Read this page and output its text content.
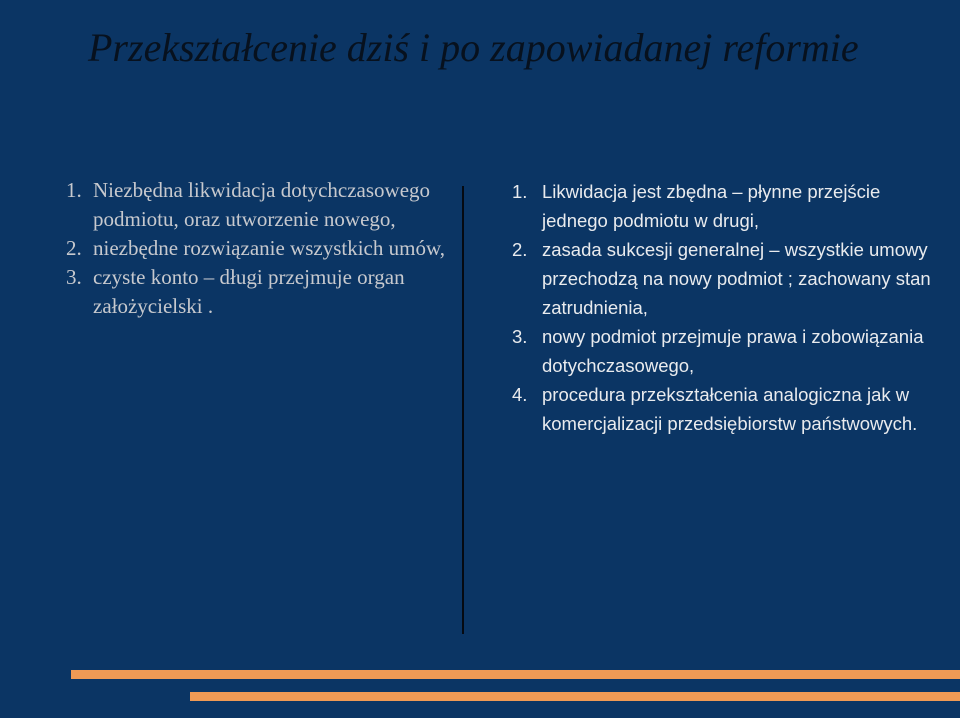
Przekształcenie dziś i po zapowiadanej reformie
1. Niezbędna likwidacja dotychczasowego podmiotu, oraz utworzenie nowego,
2. niezbędne rozwiązanie wszystkich umów,
3. czyste konto – długi przejmuje organ założycielski .
1. Likwidacja jest zbędna – płynne przejście jednego podmiotu w drugi,
2. zasada sukcesji generalnej – wszystkie umowy przechodzą na nowy podmiot ; zachowany stan zatrudnienia,
3. nowy podmiot przejmuje prawa i zobowiązania dotychczasowego,
4. procedura przekształcenia analogiczna jak w komercjalizacji przedsiębiorstw państwowych.
